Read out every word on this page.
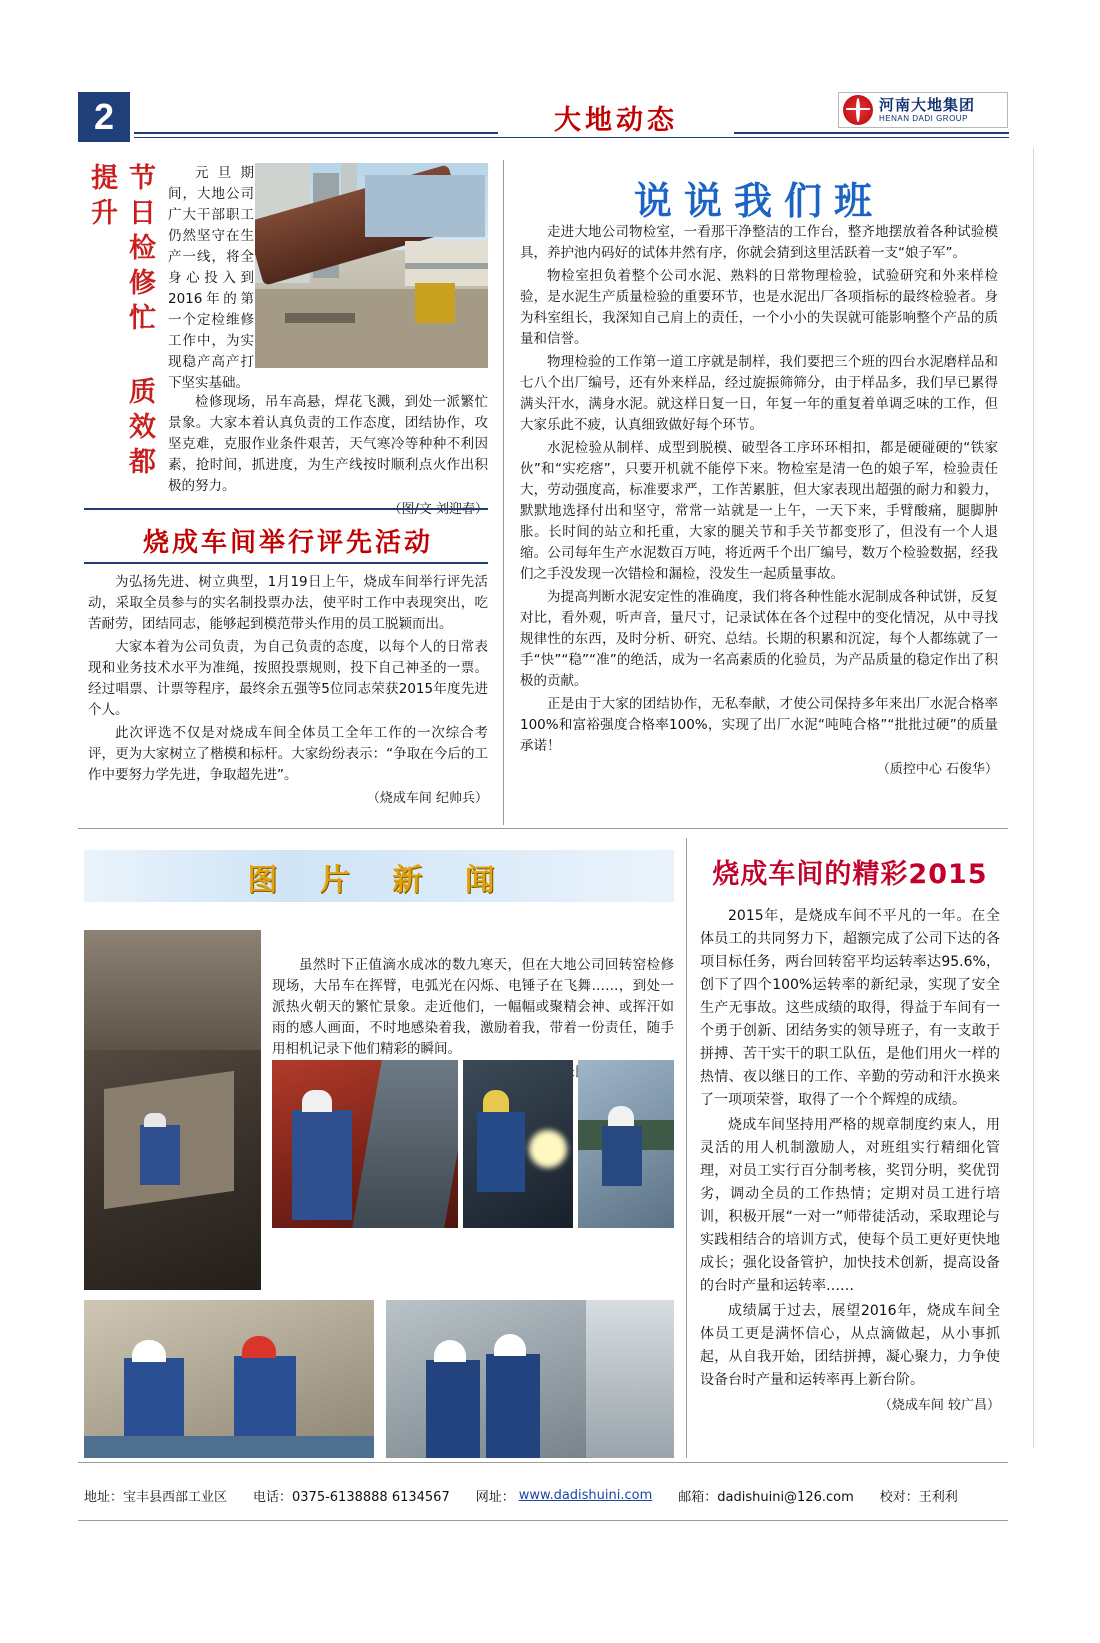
2	大地动态	河南大地集团
HENAN DADI GROUP
节日检修忙 质效都提升	元旦期间，大地公司广大干部职工仍然坚守在生产一线，将全身心投入到2016年的第一个定检维修工作中，为实现稳产高产打下坚实基础。

检修现场，吊车高悬，焊花飞溅，到处一派繁忙景象。大家本着认真负责的工作态度，团结协作，攻坚克难，克服作业条件艰苦，天气寒冷等种种不利因素，抢时间，抓进度，为生产线按时顺利点火作出积极的努力。

烧成车间举行评先活动

为弘扬先进、树立典型，1月19日上午，烧成车间举行评先活动，采取全员参与的实名制投票办法，使平时工作中表现突出，吃苦耐劳，团结同志，能够起到模范带头作用的员工脱颖而出。

大家本着为公司负责，为自己负责的态度，以每个人的日常表现和业务技术水平为准绳，按照投票规则，投下自己神圣的一票。经过唱票、计票等程序，最终余五强等5位同志荣获2015年度先进个人。

此次评选不仅是对烧成车间全体员工全年工作的一次综合考评，更为大家树立了楷模和标杆。大家纷纷表示：“争取在今后的工作中要努力学先进，争取超先进”。

（烧成车间 纪帅兵）
说说我们班

走进大地公司物检室，一看那干净整洁的工作台，整齐地摆放着各种试验模具，养护池内码好的试体井然有序，你就会猜到这里活跃着一支“娘子军”。

物检室担负着整个公司水泥、熟料的日常物理检验，试验研究和外来样检验，是水泥生产质量检验的重要环节，也是水泥出厂各项指标的最终检验者。身为科室组长，我深知自己肩上的责任，一个小小的失误就可能影响整个产品的质量和信誉。

物理检验的工作第一道工序就是制样，我们要把三个班的四台水泥磨样品和七八个出厂编号，还有外来样品，经过旋振筛筛分，由于样品多，我们早已累得满头汗水，满身水泥。就这样日复一日，年复一年的重复着单调乏味的工作，但大家乐此不疲，认真细致做好每个环节。

水泥检验从制样、成型到脱模、破型各工序环环相扣，都是硬碰硬的“铁家伙”和“实疙瘩”，只要开机就不能停下来。物检室是清一色的娘子军，检验责任大，劳动强度高，标准要求严，工作苦累脏，但大家表现出超强的耐力和毅力，默默地选择付出和坚守，常常一站就是一上午，一天下来，手臂酸痛，腿脚肿胀。长时间的站立和托重，大家的腿关节和手关节都变形了，但没有一个人退缩。公司每年生产水泥数百万吨，将近两千个出厂编号，数万个检验数据，经我们之手没发现一次错检和漏检，没发生一起质量事故。

为提高判断水泥安定性的准确度，我们将各种性能水泥制成各种试饼，反复对比，看外观，听声音，量尺寸，记录试体在各个过程中的变化情况，从中寻找规律性的东西，及时分析、研究、总结。长期的积累和沉淀，每个人都练就了一手“快”“稳”“准”的绝活，成为一名高素质的化验员，为产品质量的稳定作出了积极的贡献。

正是由于大家的团结协作，无私奉献，才使公司保持多年来出厂水泥合格率100%和富裕强度合格率100%，实现了出厂水泥“吨吨合格”“批批过硬”的质量承诺！

（质控中心 石俊华）
图 片 新 闻

虽然时下正值滴水成冰的数九寒天，但在大地公司回转窑检修现场，大吊车在挥臂，电弧光在闪烁、电锤子在飞舞……，到处一派热火朝天的繁忙景象。走近他们，一幅幅或聚精会神、或挥汗如雨的感人画面，不时地感染着我，激励着我，带着一份责任，随手用相机记录下他们精彩的瞬间。

烧成车间的精彩2015

2015年，是烧成车间不平凡的一年。在全体员工的共同努力下，超额完成了公司下达的各项目标任务，两台回转窑平均运转率达95.6%，创下了四个100%运转率的新纪录，实现了安全生产无事故。这些成绩的取得，得益于车间有一个勇于创新、团结务实的领导班子，有一支敢于拼搏、苦干实干的职工队伍，是他们用火一样的热情、夜以继日的工作、辛勤的劳动和汗水换来了一项项荣誉，取得了一个个辉煌的成绩。

烧成车间坚持用严格的规章制度约束人，用灵活的用人机制激励人，对班组实行精细化管理，对员工实行百分制考核，奖罚分明，奖优罚劣，调动全员的工作热情；定期对员工进行培训，积极开展“一对一”师带徒活动，采取理论与实践相结合的培训方式，使每个员工更好更快地成长；强化设备管护，加快技术创新，提高设备的台时产量和运转率……

成绩属于过去，展望2016年，烧成车间全体员工更是满怀信心，从点滴做起，从小事抓起，从自我开始，团结拼搏，凝心聚力，力争使设备台时产量和运转率再上新台阶。

（烧成车间 较广昌）
地址：宝丰县西部工业区 电话：0375-6138888 6134567 网址： www.dadishuini.com 邮箱：dadishuini@126.com 校对：王利利
